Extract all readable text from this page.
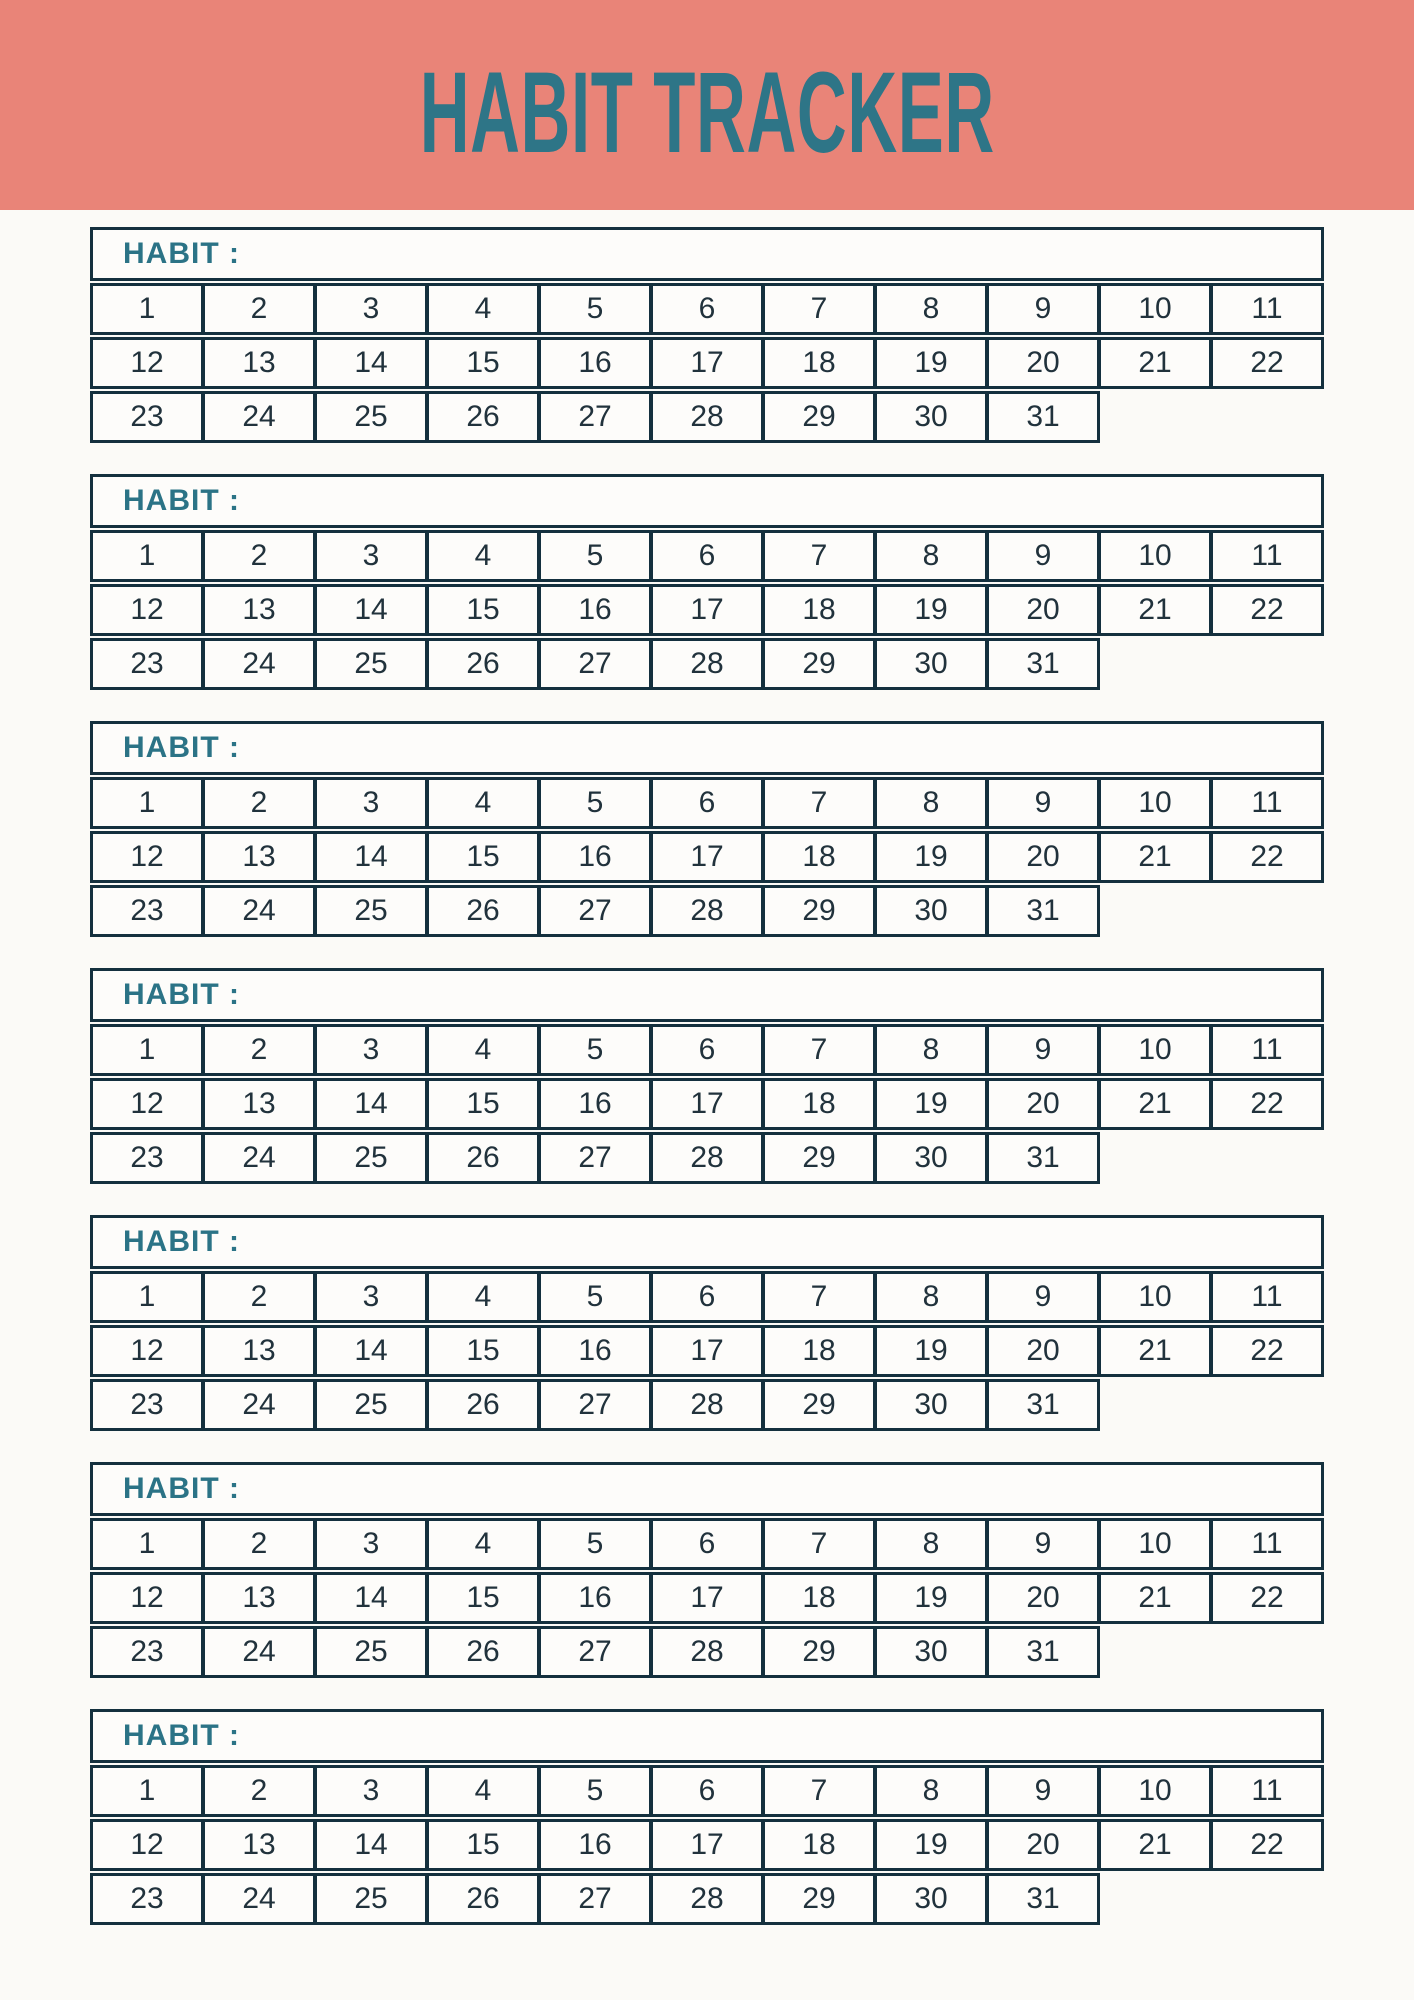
HABIT TRACKER
HABIT :
1	2	3	4	5	6	7	8	9	10	11
12	13	14	15	16	17	18	19	20	21	22
23	24	25	26	27	28	29	30	31
HABIT :
1	2	3	4	5	6	7	8	9	10	11
12	13	14	15	16	17	18	19	20	21	22
23	24	25	26	27	28	29	30	31
HABIT :
1	2	3	4	5	6	7	8	9	10	11
12	13	14	15	16	17	18	19	20	21	22
23	24	25	26	27	28	29	30	31
HABIT :
1	2	3	4	5	6	7	8	9	10	11
12	13	14	15	16	17	18	19	20	21	22
23	24	25	26	27	28	29	30	31
HABIT :
1	2	3	4	5	6	7	8	9	10	11
12	13	14	15	16	17	18	19	20	21	22
23	24	25	26	27	28	29	30	31
HABIT :
1	2	3	4	5	6	7	8	9	10	11
12	13	14	15	16	17	18	19	20	21	22
23	24	25	26	27	28	29	30	31
HABIT :
1	2	3	4	5	6	7	8	9	10	11
12	13	14	15	16	17	18	19	20	21	22
23	24	25	26	27	28	29	30	31
